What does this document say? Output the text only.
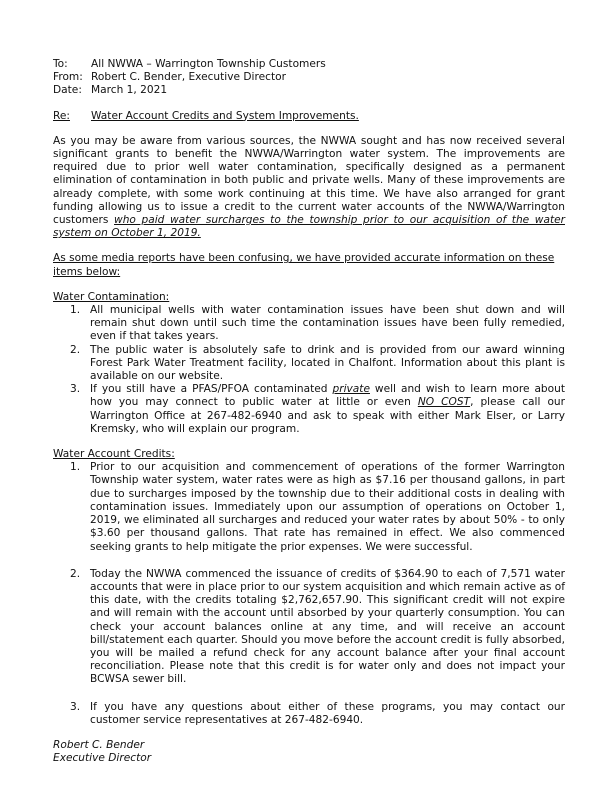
To:	All NWWA – Warrington Township Customers
From: Robert C. Bender, Executive Director
Date: March 1, 2021
Re:	Water Account Credits and System Improvements.

As you may be aware from various sources, the NWWA sought and has now received several significant grants to benefit the NWWA/Warrington water system. The improvements are required due to prior well water contamination, specifically designed as a permanent elimination of contamination in both public and private wells. Many of these improvements are already complete, with some work continuing at this time. We have also arranged for grant funding allowing us to issue a credit to the current water accounts of the NWWA/Warrington customers who paid water surcharges to the township prior to our acquisition of the water system on October 1, 2019.

As some media reports have been confusing, we have provided accurate information on these items below:

Water Contamination:

1. All municipal wells with water contamination issues have been shut down and will remain shut down until such time the contamination issues have been fully remedied, even if that takes years.
2. The public water is absolutely safe to drink and is provided from our award winning Forest Park Water Treatment facility, located in Chalfont. Information about this plant is available on our website.
3. If you still have a PFAS/PFOA contaminated private well and wish to learn more about how you may connect to public water at little or even NO COST, please call our Warrington Office at 267-482-6940 and ask to speak with either Mark Elser, or Larry Kremsky, who will explain our program.

Water Account Credits:

1. Prior to our acquisition and commencement of operations of the former Warrington Township water system, water rates were as high as $7.16 per thousand gallons, in part due to surcharges imposed by the township due to their additional costs in dealing with contamination issues. Immediately upon our assumption of operations on October 1, 2019, we eliminated all surcharges and reduced your water rates by about 50% - to only $3.60 per thousand gallons. That rate has remained in effect. We also commenced seeking grants to help mitigate the prior expenses. We were successful.
2. Today the NWWA commenced the issuance of credits of $364.90 to each of 7,571 water accounts that were in place prior to our system acquisition and which remain active as of this date, with the credits totaling $2,762,657.90. This significant credit will not expire and will remain with the account until absorbed by your quarterly consumption. You can check your account balances online at any time, and will receive an account bill/statement each quarter. Should you move before the account credit is fully absorbed, you will be mailed a refund check for any account balance after your final account reconciliation. Please note that this credit is for water only and does not impact your BCWSA sewer bill.
3. If you have any questions about either of these programs, you may contact our customer service representatives at 267-482-6940.
Robert C. Bender
Executive Director
